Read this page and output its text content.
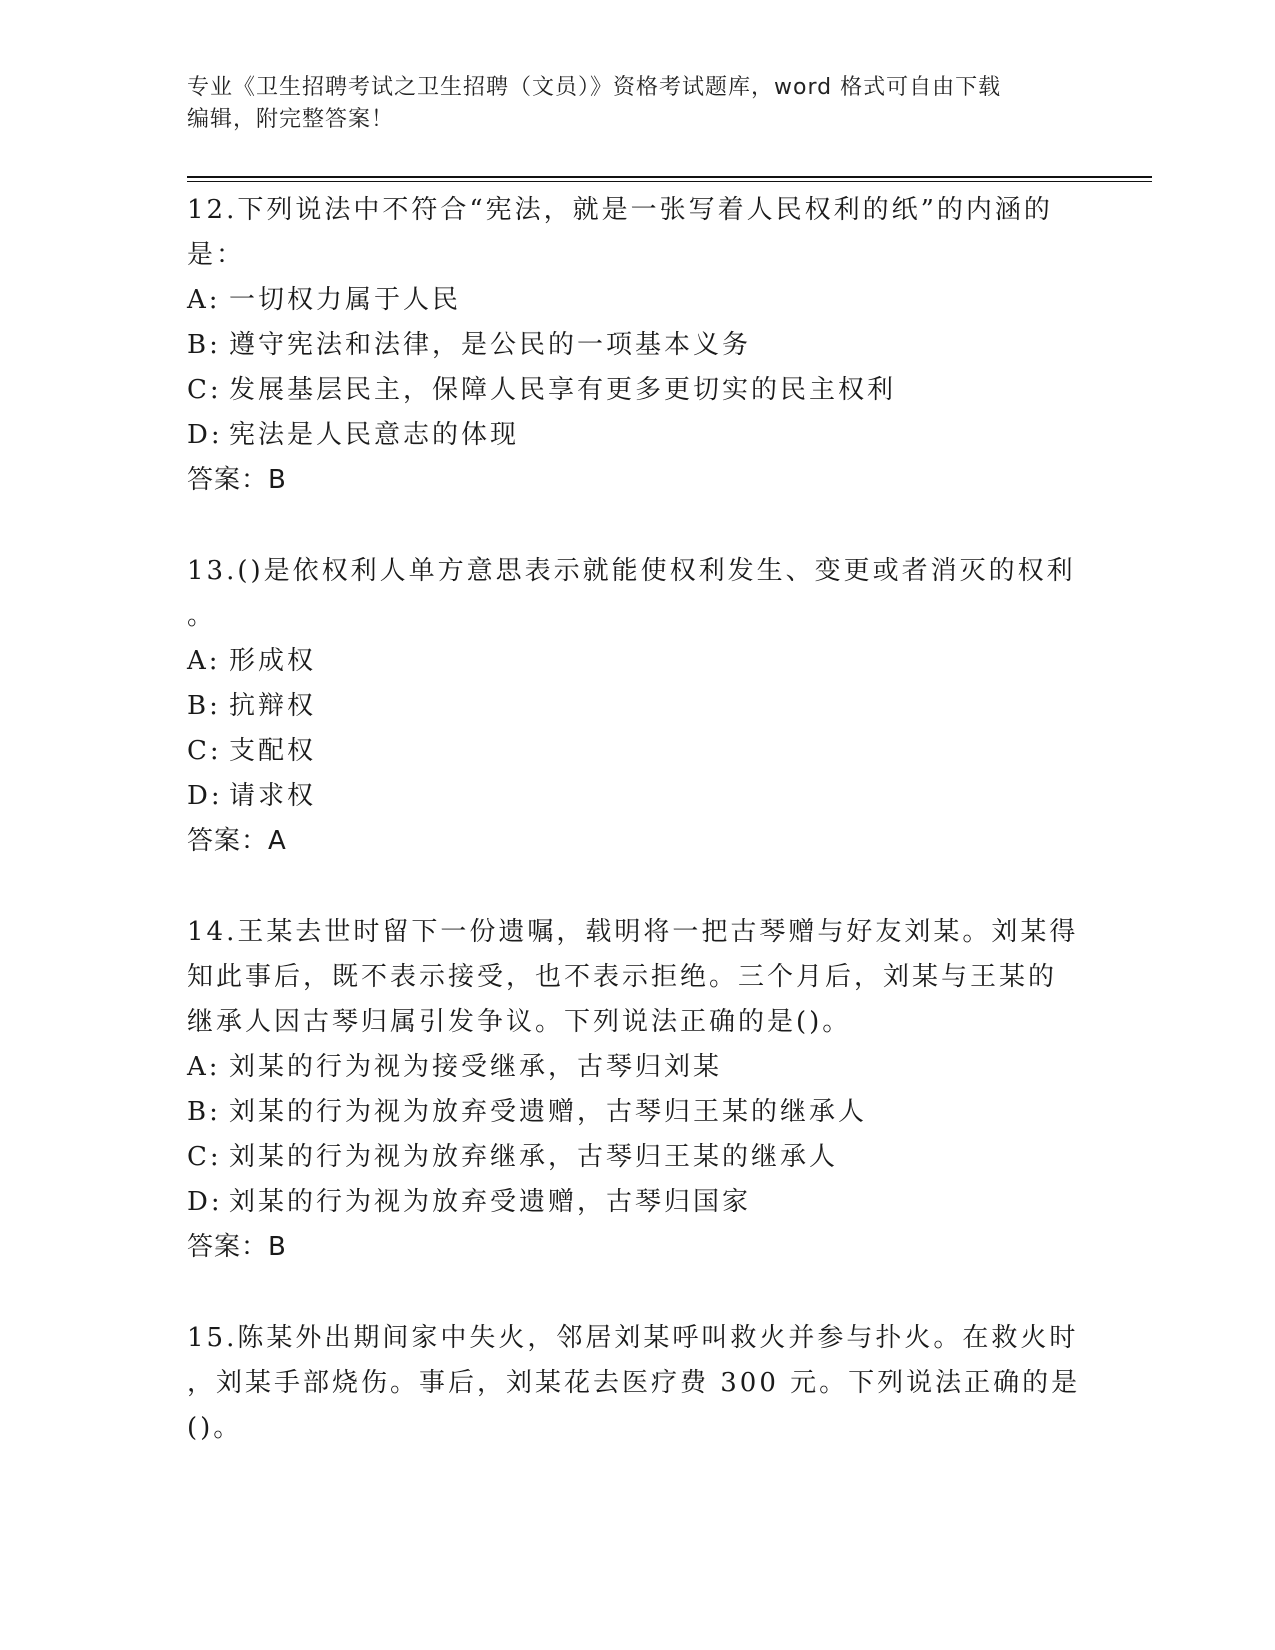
专业《卫生招聘考试之卫生招聘（文员）》资格考试题库，word 格式可自由下载
编辑，附完整答案！

12.下列说法中不符合“宪法，就是一张写着人民权利的纸”的内涵的

是：

A: 一切权力属于人民

B: 遵守宪法和法律，是公民的一项基本义务

C: 发展基层民主，保障人民享有更多更切实的民主权利

D: 宪法是人民意志的体现

答案：B

13.()是依权利人单方意思表示就能使权利发生、变更或者消灭的权利

。

A: 形成权

B: 抗辩权

C: 支配权

D: 请求权

答案：A

14.王某去世时留下一份遗嘱，载明将一把古琴赠与好友刘某。刘某得

知此事后，既不表示接受，也不表示拒绝。三个月后，刘某与王某的

继承人因古琴归属引发争议。下列说法正确的是()。

A: 刘某的行为视为接受继承，古琴归刘某

B: 刘某的行为视为放弃受遗赠，古琴归王某的继承人

C: 刘某的行为视为放弃继承，古琴归王某的继承人

D: 刘某的行为视为放弃受遗赠，古琴归国家

答案：B

15.陈某外出期间家中失火，邻居刘某呼叫救火并参与扑火。在救火时

，刘某手部烧伤。事后，刘某花去医疗费 300 元。下列说法正确的是

()。
